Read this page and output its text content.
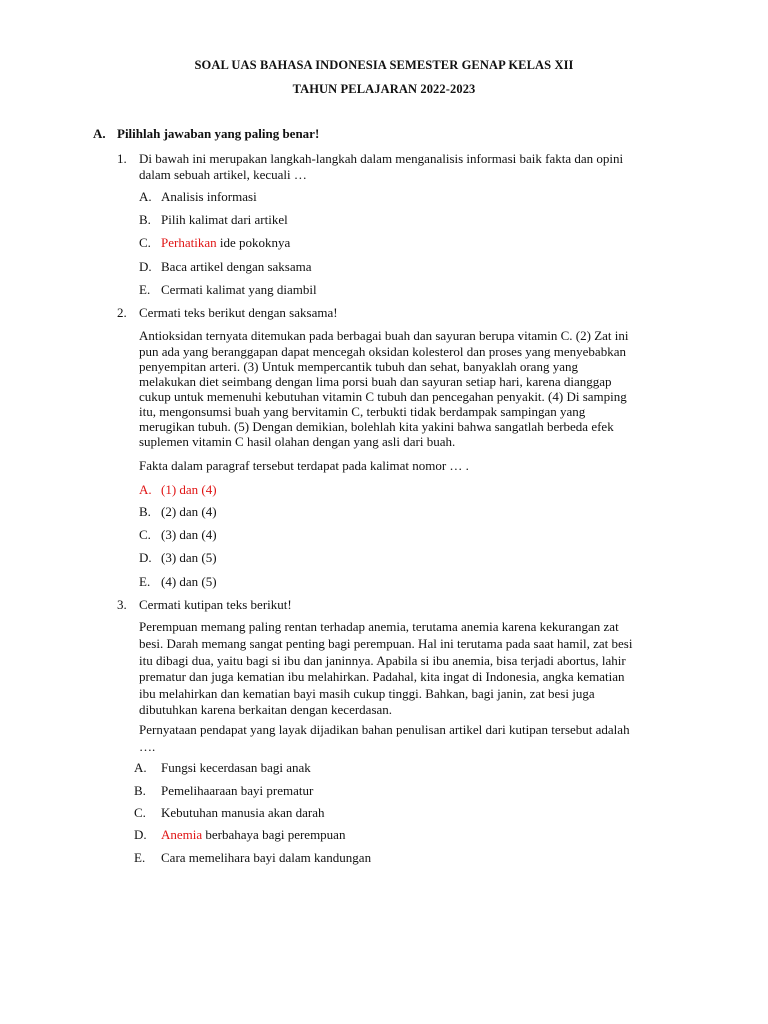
SOAL UAS BAHASA INDONESIA SEMESTER GENAP KELAS XII
TAHUN PELAJARAN 2022-2023
A. Pilihlah jawaban yang paling benar!
1. Di bawah ini merupakan langkah-langkah dalam menganalisis informasi baik fakta dan opini
dalam sebuah artikel, kecuali …
A. Analisis informasi
B. Pilih kalimat dari artikel
C. Perhatikan ide pokoknya
D. Baca artikel dengan saksama
E. Cermati kalimat yang diambil
2. Cermati teks berikut dengan saksama!
Antioksidan ternyata ditemukan pada berbagai buah dan sayuran berupa vitamin C. (2) Zat ini
pun ada yang beranggapan dapat mencegah oksidan kolesterol dan proses yang menyebabkan
penyempitan arteri. (3) Untuk mempercantik tubuh dan sehat, banyaklah orang yang
melakukan diet seimbang dengan lima porsi buah dan sayuran setiap hari, karena dianggap
cukup untuk memenuhi kebutuhan vitamin C tubuh dan pencegahan penyakit. (4) Di samping
itu, mengonsumsi buah yang bervitamin C, terbukti tidak berdampak sampingan yang
merugikan tubuh. (5) Dengan demikian, bolehlah kita yakini bahwa sangatlah berbeda efek
suplemen vitamin C hasil olahan dengan yang asli dari buah.
Fakta dalam paragraf tersebut terdapat pada kalimat nomor … .
A. (1) dan (4)
B. (2) dan (4)
C. (3) dan (4)
D. (3) dan (5)
E. (4) dan (5)
3. Cermati kutipan teks berikut!
Perempuan memang paling rentan terhadap anemia, terutama anemia karena kekurangan zat
besi. Darah memang sangat penting bagi perempuan. Hal ini terutama pada saat hamil, zat besi
itu dibagi dua, yaitu bagi si ibu dan janinnya. Apabila si ibu anemia, bisa terjadi abortus, lahir
prematur dan juga kematian ibu melahirkan. Padahal, kita ingat di Indonesia, angka kematian
ibu melahirkan dan kematian bayi masih cukup tinggi. Bahkan, bagi janin, zat besi juga
dibutuhkan karena berkaitan dengan kecerdasan.
Pernyataan pendapat yang layak dijadikan bahan penulisan artikel dari kutipan tersebut adalah
….
A. Fungsi kecerdasan bagi anak
B. Pemelihaaraan bayi prematur
C. Kebutuhan manusia akan darah
D. Anemia berbahaya bagi perempuan
E. Cara memelihara bayi dalam kandungan
